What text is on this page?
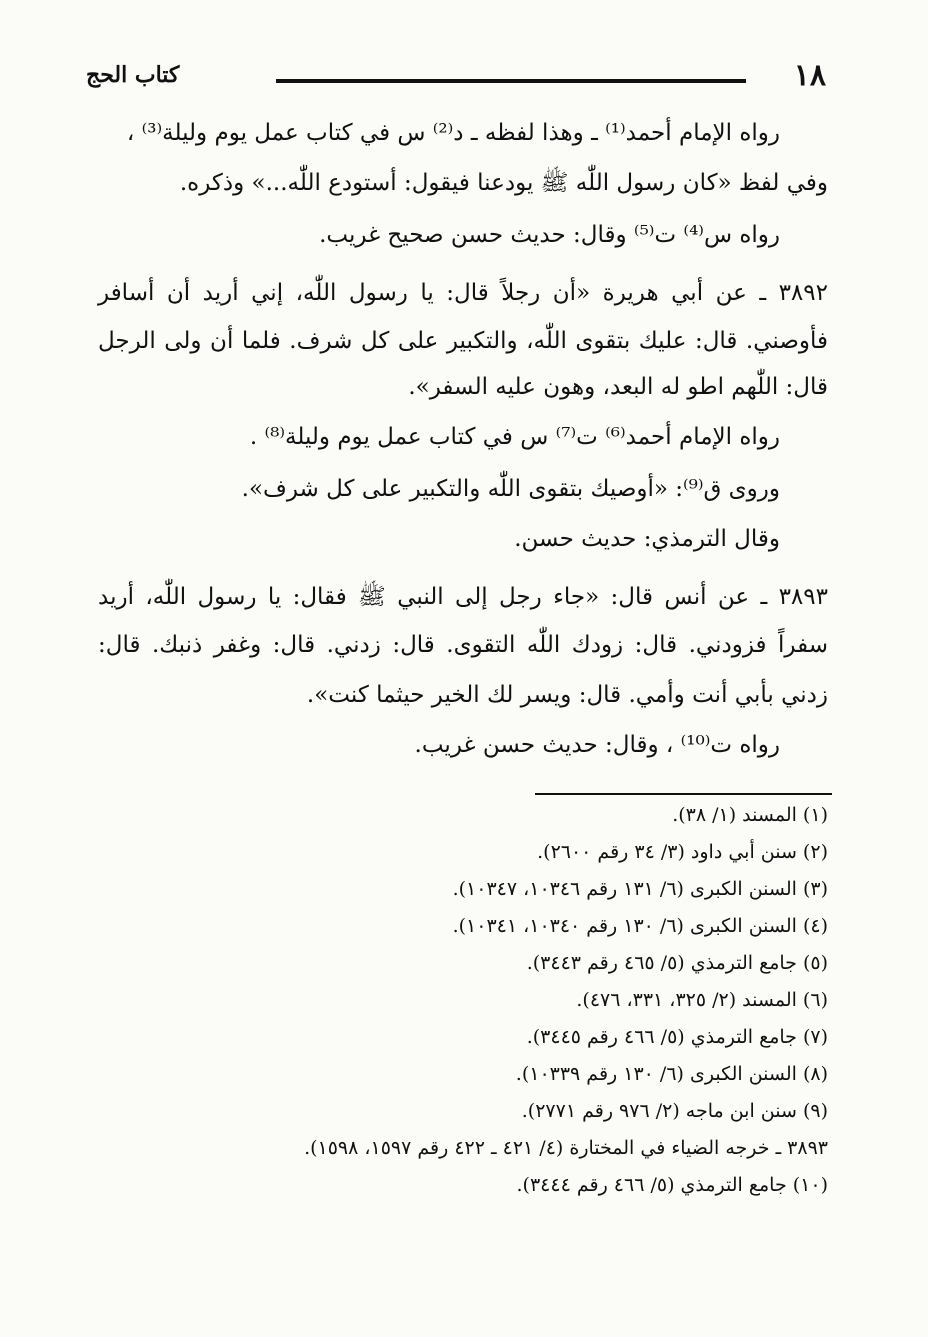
١٨
كتاب الحج
رواه الإمام أحمد⁽¹⁾ ـ وهذا لفظه ـ د⁽²⁾ س في كتاب عمل يوم وليلة⁽³⁾ ،
وفي لفظ «كان رسول اللّٰه ﷺ يودعنا فيقول: أستودع اللّٰه...» وذكره.
رواه س⁽⁴⁾ ت⁽⁵⁾ وقال: حديث حسن صحيح غريب.
٣٨٩٢ ـ عن أبي هريرة «أن رجلاً قال: يا رسول اللّٰه، إني أريد أن أسافر
فأوصني. قال: عليك بتقوى اللّٰه، والتكبير على كل شرف. فلما أن ولى الرجل
قال: اللّٰهم اطو له البعد، وهون عليه السفر».
رواه الإمام أحمد⁽⁶⁾ ت⁽⁷⁾ س في كتاب عمل يوم وليلة⁽⁸⁾ .
وروى ق⁽⁹⁾: «أوصيك بتقوى اللّٰه والتكبير على كل شرف».
وقال الترمذي: حديث حسن.
٣٨٩٣ ـ عن أنس قال: «جاء رجل إلى النبي ﷺ فقال: يا رسول اللّٰه، أريد
سفراً فزودني. قال: زودك اللّٰه التقوى. قال: زدني. قال: وغفر ذنبك. قال:
زدني بأبي أنت وأمي. قال: ويسر لك الخير حيثما كنت».
رواه ت⁽¹⁰⁾ ، وقال: حديث حسن غريب.
(١) المسند (١/ ٣٨).
(٢) سنن أبي داود (٣/ ٣٤ رقم ٢٦٠٠).
(٣) السنن الكبرى (٦/ ١٣١ رقم ١٠٣٤٦، ١٠٣٤٧).
(٤) السنن الكبرى (٦/ ١٣٠ رقم ١٠٣٤٠، ١٠٣٤١).
(٥) جامع الترمذي (٥/ ٤٦٥ رقم ٣٤٤٣).
(٦) المسند (٢/ ٣٢٥، ٣٣١، ٤٧٦).
(٧) جامع الترمذي (٥/ ٤٦٦ رقم ٣٤٤٥).
(٨) السنن الكبرى (٦/ ١٣٠ رقم ١٠٣٣٩).
(٩) سنن ابن ماجه (٢/ ٩٧٦ رقم ٢٧٧١).
٣٨٩٣ ـ خرجه الضياء في المختارة (٤/ ٤٢١ ـ ٤٢٢ رقم ١٥٩٧، ١٥٩٨).
(١٠) جامع الترمذي (٥/ ٤٦٦ رقم ٣٤٤٤).
